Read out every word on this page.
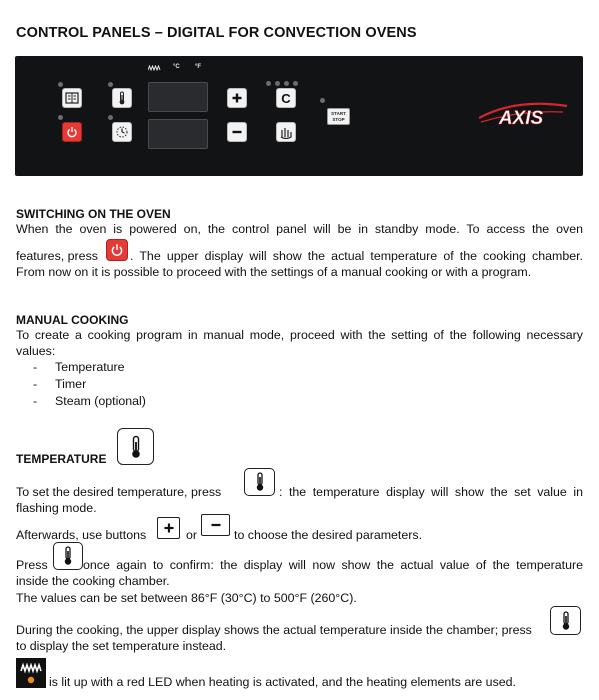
CONTROL PANELS – DIGITAL FOR CONVECTION OVENS
°C	°F
C
START
STOP	AXIS
SWITCHING ON THE OVEN
When the oven is powered on, the control panel will be in standby mode. To access the oven
features, press	. The upper display will show the actual temperature of the cooking chamber.
From now on it is possible to proceed with the settings of a manual cooking or with a program.
MANUAL COOKING
To create a cooking program in manual mode, proceed with the setting of the following necessary
values:
- Temperature
- Timer
- Steam (optional)
TEMPERATURE
To set the desired temperature, press	: the temperature display will show the set value in
flashing mode.
Afterwards, use buttons	or	to choose the desired parameters.
Press	once again to confirm: the display will now show the actual value of the temperature
inside the cooking chamber.
The values can be set between 86°F (30°C) to 500°F (260°C).
During the cooking, the upper display shows the actual temperature inside the chamber; press
to display the set temperature instead.
is lit up with a red LED when heating is activated, and the heating elements are used.
